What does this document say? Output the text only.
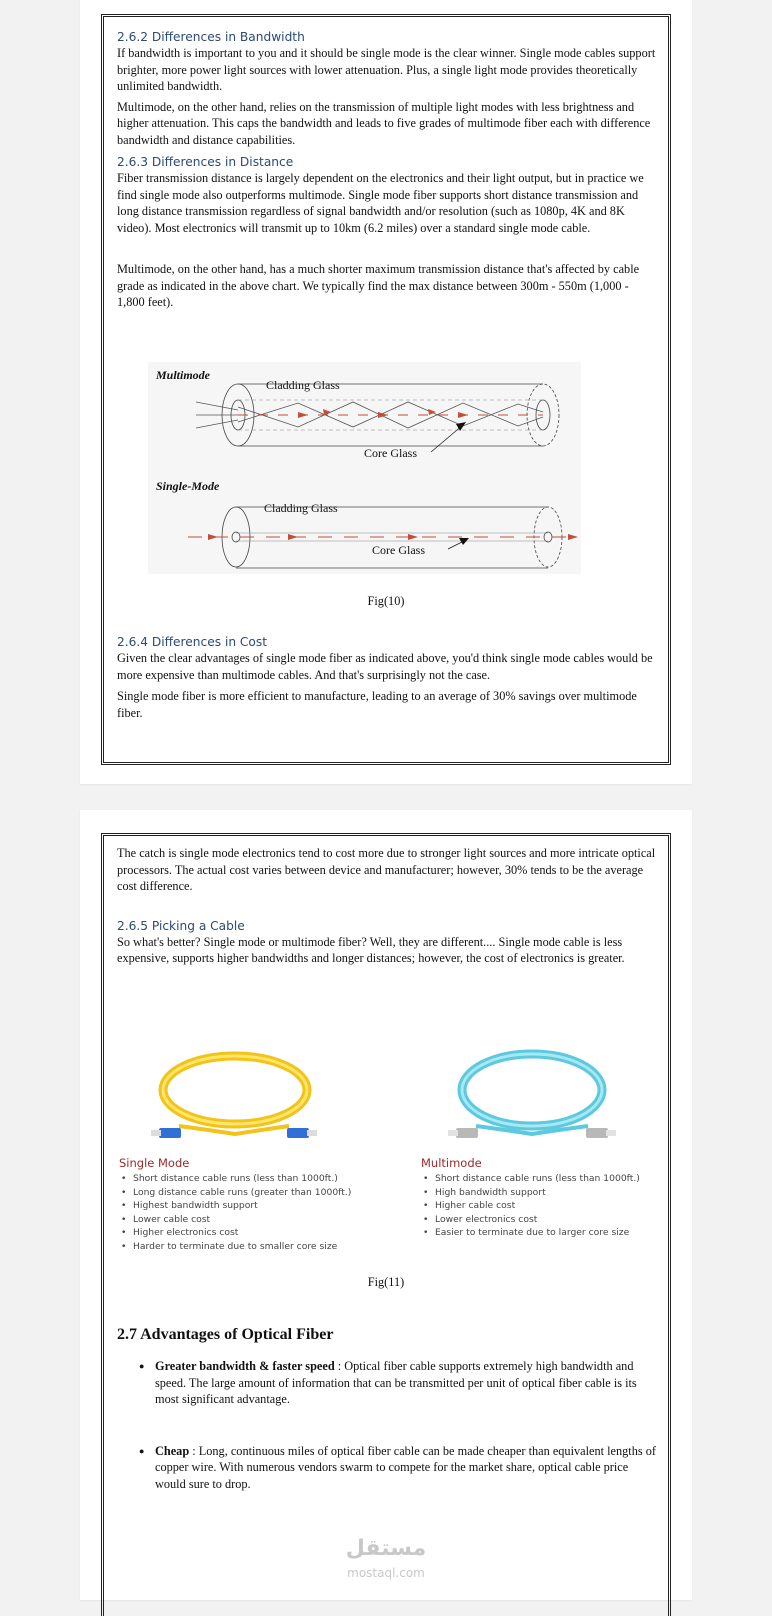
2.6.2 Differences in Bandwidth

If bandwidth is important to you and it should be single mode is the clear winner. Single mode cables support brighter, more power light sources with lower attenuation. Plus, a single light mode provides theoretically unlimited bandwidth.

Multimode, on the other hand, relies on the transmission of multiple light modes with less brightness and higher attenuation. This caps the bandwidth and leads to five grades of multimode fiber each with difference bandwidth and distance capabilities.

2.6.3 Differences in Distance

Fiber transmission distance is largely dependent on the electronics and their light output, but in practice we find single mode also outperforms multimode. Single mode fiber supports short distance transmission and long distance transmission regardless of signal bandwidth and/or resolution (such as 1080p, 4K and 8K video). Most electronics will transmit up to 10km (6.2 miles) over a standard single mode cable.

Multimode, on the other hand, has a much shorter maximum transmission distance that's affected by cable grade as indicated in the above chart. We typically find the max distance between 300m - 550m (1,000 - 1,800 feet).

Multimode
Cladding Glass
Core Glass
Single-Mode
Cladding Glass
Core Glass
Fig(10)

2.6.4 Differences in Cost

Given the clear advantages of single mode fiber as indicated above, you'd think single mode cables would be more expensive than multimode cables. And that's surprisingly not the case.

Single mode fiber is more efficient to manufacture, leading to an average of 30% savings over multimode fiber.

The catch is single mode electronics tend to cost more due to stronger light sources and more intricate optical processors. The actual cost varies between device and manufacturer; however, 30% tends to be the average cost difference.

2.6.5 Picking a Cable

So what's better? Single mode or multimode fiber? Well, they are different.... Single mode cable is less expensive, supports higher bandwidths and longer distances; however, the cost of electronics is greater.

Single Mode

• Short distance cable runs (less than 1000ft.)
• Long distance cable runs (greater than 1000ft.)
• Highest bandwidth support
• Lower cable cost
• Higher electronics cost
• Harder to terminate due to smaller core size

Multimode

• Short distance cable runs (less than 1000ft.)
• High bandwidth support
• Higher cable cost
• Lower electronics cost
• Easier to terminate due to larger core size
Fig(11)

2.7 Advantages of Optical Fiber

● Greater bandwidth & faster speed : Optical fiber cable supports extremely high bandwidth and speed. The large amount of information that can be transmitted per unit of optical fiber cable is its most significant advantage.
● Cheap : Long, continuous miles of optical fiber cable can be made cheaper than equivalent lengths of copper wire. With numerous vendors swarm to compete for the market share, optical cable price would sure to drop.
مستقل
mostaql.com
